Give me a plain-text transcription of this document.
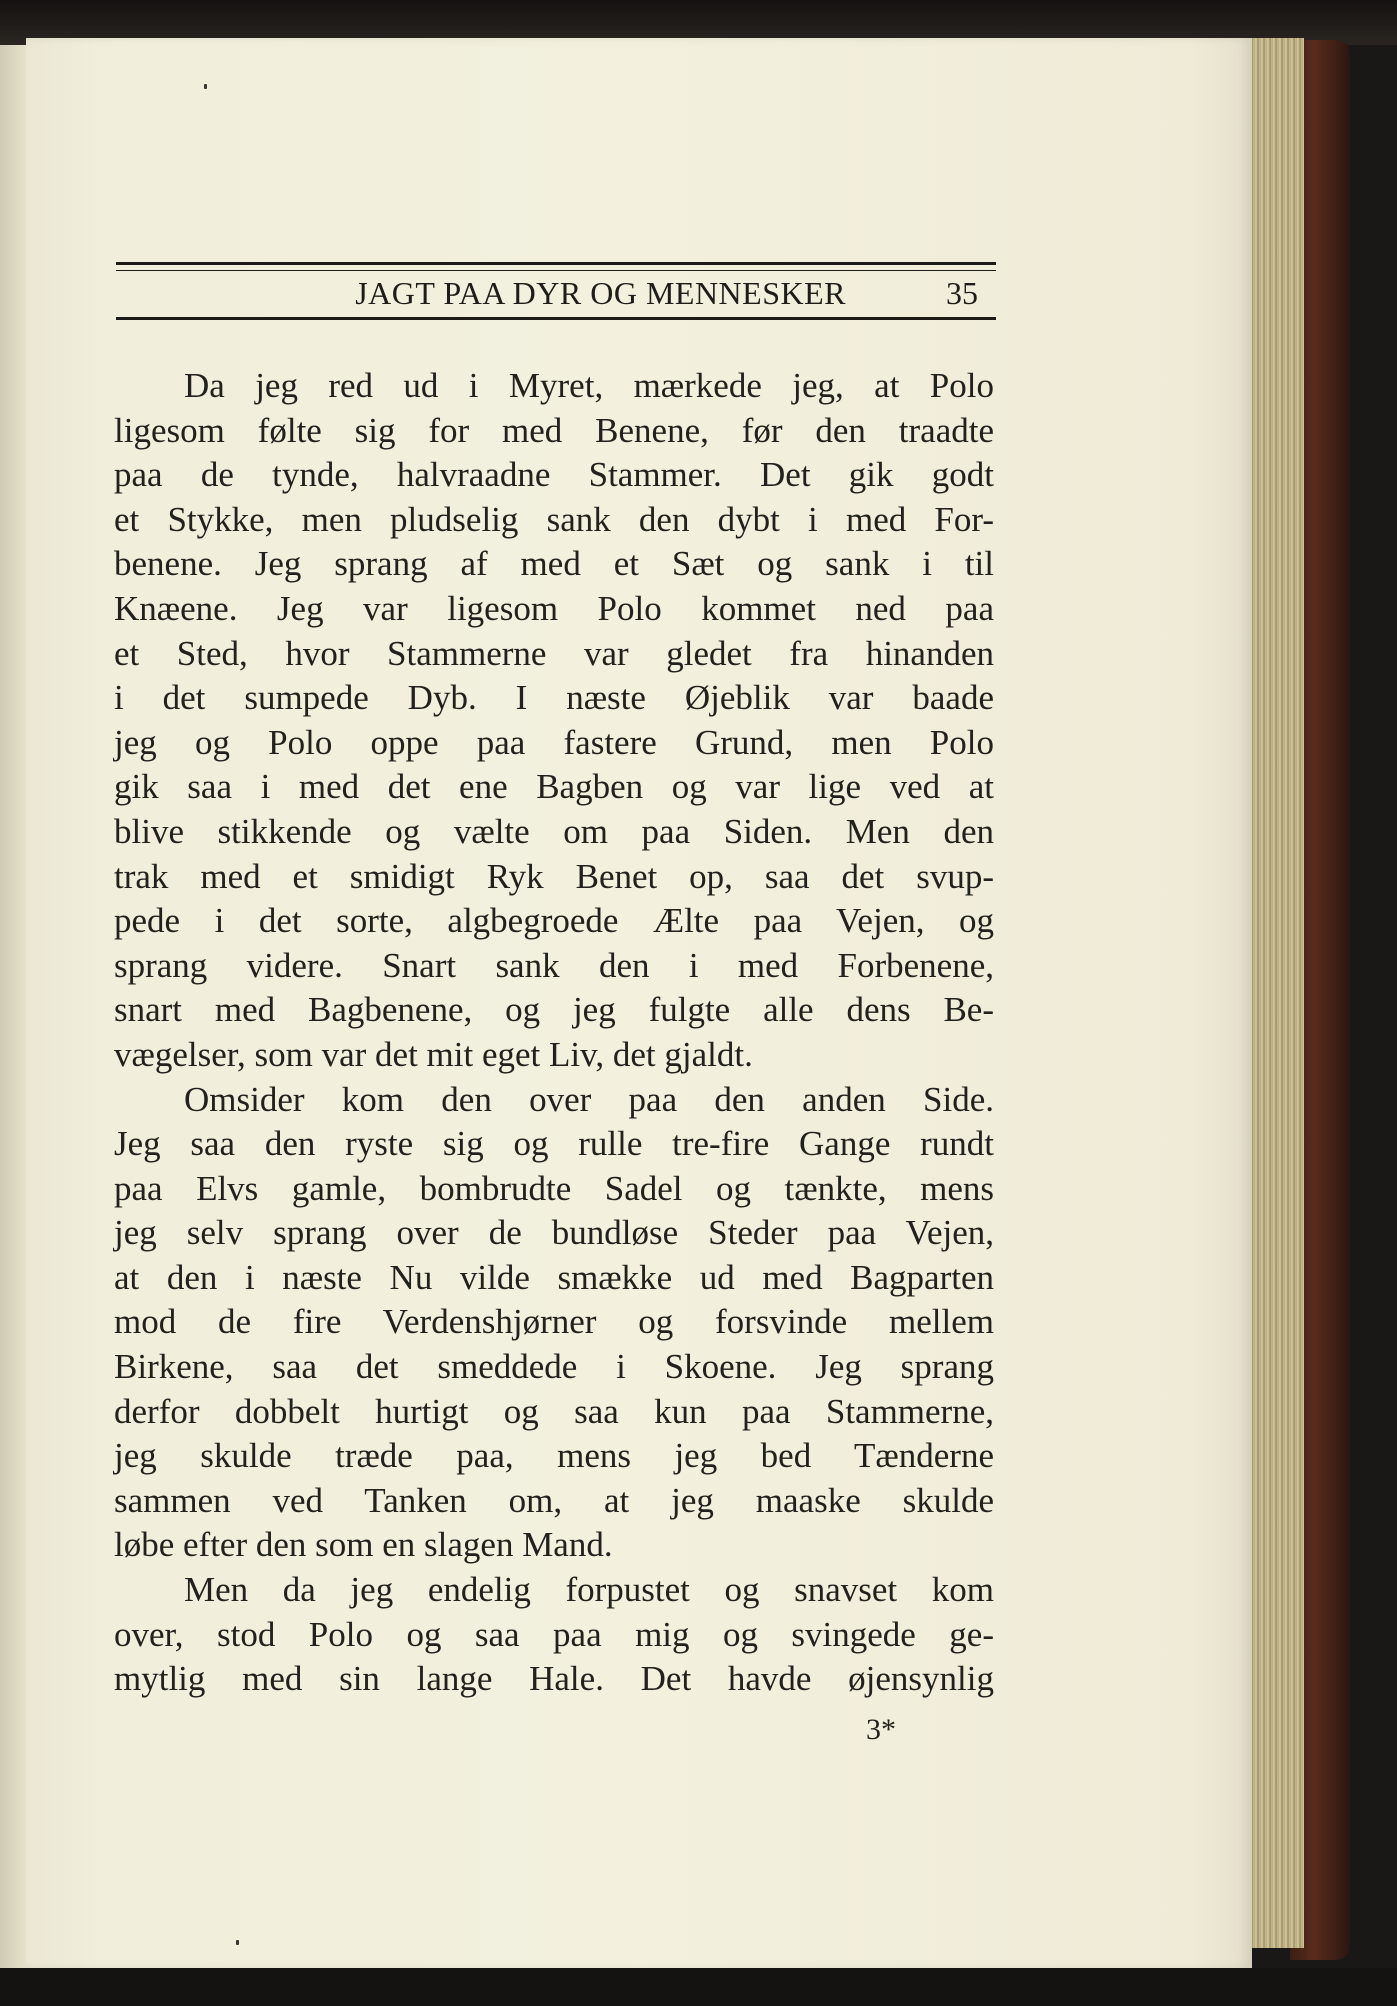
JAGT PAA DYR OG MENNESKER	35
Da jeg red ud i Myret, mærkede jeg, at Polo
ligesom følte sig for med Benene, før den traadte
paa de tynde, halvraadne Stammer. Det gik godt
et Stykke, men pludselig sank den dybt i med For-
benene. Jeg sprang af med et Sæt og sank i til
Knæene. Jeg var ligesom Polo kommet ned paa
et Sted, hvor Stammerne var gledet fra hinanden
i det sumpede Dyb. I næste Øjeblik var baade
jeg og Polo oppe paa fastere Grund, men Polo
gik saa i med det ene Bagben og var lige ved at
blive stikkende og vælte om paa Siden. Men den
trak med et smidigt Ryk Benet op, saa det svup-
pede i det sorte, algbegroede Ælte paa Vejen, og
sprang videre. Snart sank den i med Forbenene,
snart med Bagbenene, og jeg fulgte alle dens Be-
vægelser, som var det mit eget Liv, det gjaldt.
Omsider kom den over paa den anden Side.
Jeg saa den ryste sig og rulle tre-fire Gange rundt
paa Elvs gamle, bombrudte Sadel og tænkte, mens
jeg selv sprang over de bundløse Steder paa Vejen,
at den i næste Nu vilde smække ud med Bagparten
mod de fire Verdenshjørner og forsvinde mellem
Birkene, saa det smeddede i Skoene. Jeg sprang
derfor dobbelt hurtigt og saa kun paa Stammerne,
jeg skulde træde paa, mens jeg bed Tænderne
sammen ved Tanken om, at jeg maaske skulde
løbe efter den som en slagen Mand.
Men da jeg endelig forpustet og snavset kom
over, stod Polo og saa paa mig og svingede ge-
mytlig med sin lange Hale. Det havde øjensynlig
3*
